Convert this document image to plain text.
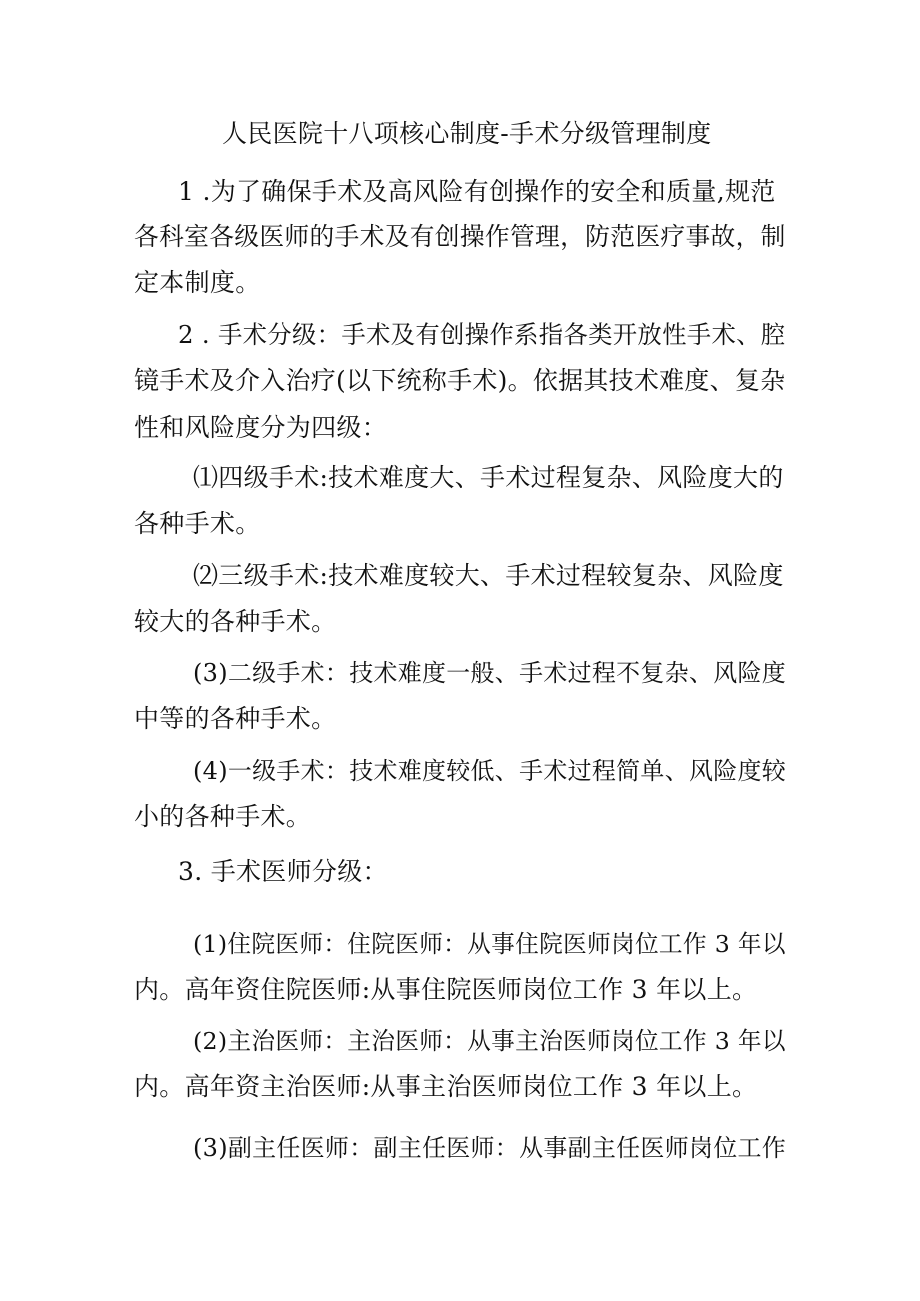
人民医院十八项核心制度-手术分级管理制度
1 .为了确保手术及高风险有创操作的安全和质量,规范
各科室各级医师的手术及有创操作管理，防范医疗事故，制
定本制度。
2 . 手术分级：手术及有创操作系指各类开放性手术、腔
镜手术及介入治疗(以下统称手术)。依据其技术难度、复杂
性和风险度分为四级：
⑴四级手术:技术难度大、手术过程复杂、风险度大的
各种手术。
⑵三级手术:技术难度较大、手术过程较复杂、风险度
较大的各种手术。
(3)二级手术：技术难度一般、手术过程不复杂、风险度
中等的各种手术。
(4)一级手术：技术难度较低、手术过程简单、风险度较
小的各种手术。
3. 手术医师分级：
(1)住院医师：住院医师：从事住院医师岗位工作 3 年以
内。高年资住院医师:从事住院医师岗位工作 3 年以上。
(2)主治医师：主治医师：从事主治医师岗位工作 3 年以
内。高年资主治医师:从事主治医师岗位工作 3 年以上。
(3)副主任医师：副主任医师：从事副主任医师岗位工作
